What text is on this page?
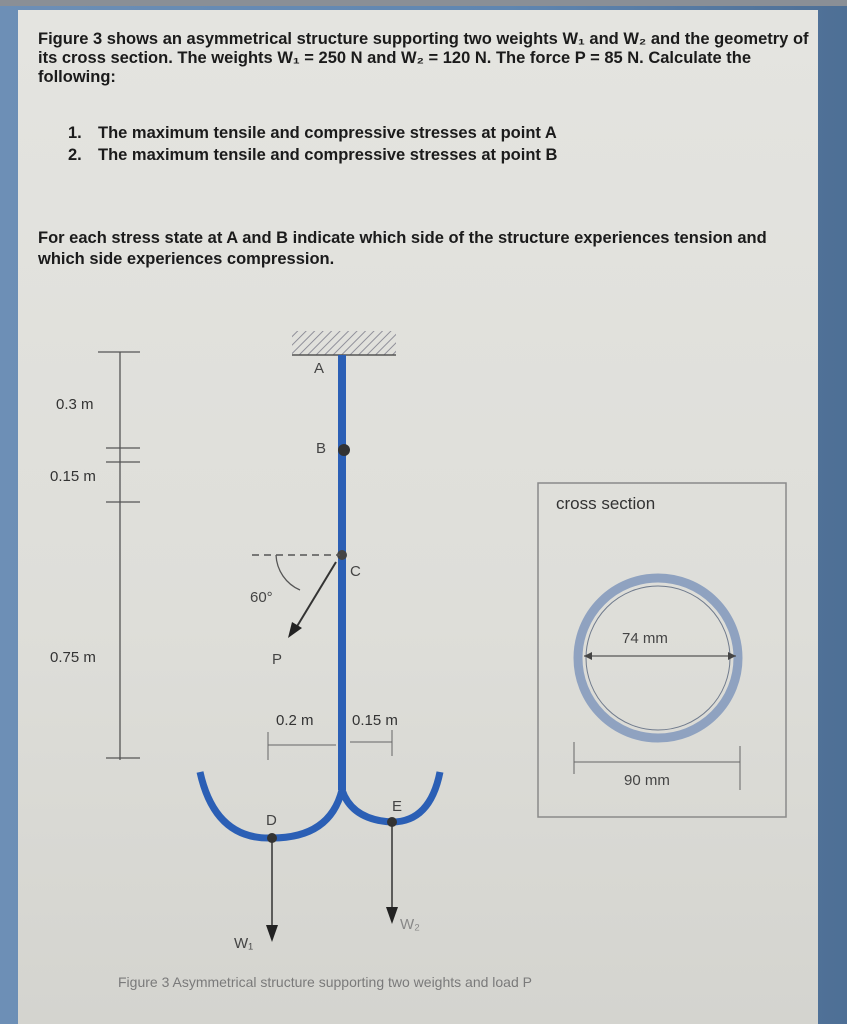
Figure 3 shows an asymmetrical structure supporting two weights W₁ and W₂ and the geometry of its cross section. The weights W₁ = 250 N and W₂ = 120 N. The force P = 85 N. Calculate the following:
1. The maximum tensile and compressive stresses at point A
2. The maximum tensile and compressive stresses at point B
For each stress state at A and B indicate which side of the structure experiences tension and which side experiences compression.
0.3 m
0.15 m
0.75 m
0.2 m	0.15 m
A
B
C
D
E
60°
P
W₁
W₂
cross section
74 mm
90 mm
Figure 3 Asymmetrical structure supporting two weights and load P
